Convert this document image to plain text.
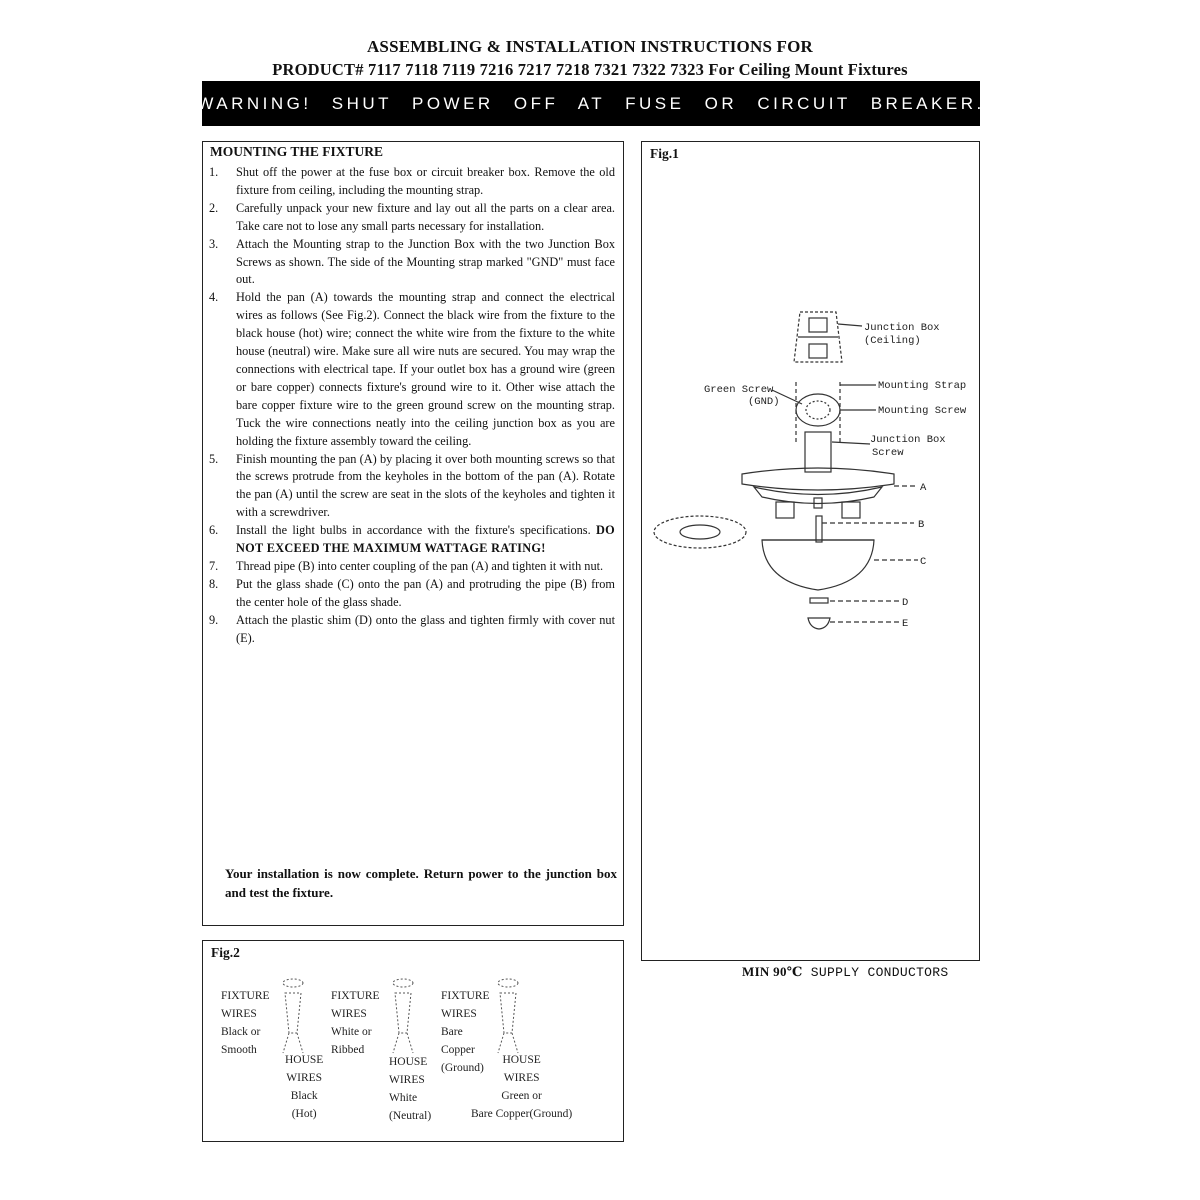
ASSEMBLING & INSTALLATION INSTRUCTIONS FOR
PRODUCT# 7117 7118 7119 7216 7217 7218 7321 7322 7323 For Ceiling Mount Fixtures
WARNING! SHUT POWER OFF AT FUSE OR CIRCUIT BREAKER.
MOUNTING THE FIXTURE
1. Shut off the power at the fuse box or circuit breaker box. Remove the old fixture from ceiling, including the mounting strap.
2. Carefully unpack your new fixture and lay out all the parts on a clear area. Take care not to lose any small parts necessary for installation.
3. Attach the Mounting strap to the Junction Box with the two Junction Box Screws as shown. The side of the Mounting strap marked "GND" must face out.
4. Hold the pan (A) towards the mounting strap and connect the electrical wires as follows (See Fig.2). Connect the black wire from the fixture to the black house (hot) wire; connect the white wire from the fixture to the white house (neutral) wire. Make sure all wire nuts are secured. You may wrap the connections with electrical tape. If your outlet box has a ground wire (green or bare copper) connects fixture's ground wire to it. Other wise attach the bare copper fixture wire to the green ground screw on the mounting strap. Tuck the wire connections neatly into the ceiling junction box as you are holding the fixture assembly toward the ceiling.
5. Finish mounting the pan (A) by placing it over both mounting screws so that the screws protrude from the keyholes in the bottom of the pan (A). Rotate the pan (A) until the screw are seat in the slots of the keyholes and tighten it with a screwdriver.
6. Install the light bulbs in accordance with the fixture's specifications. DO NOT EXCEED THE MAXIMUM WATTAGE RATING!
7. Thread pipe (B) into center coupling of the pan (A) and tighten it with nut.
8. Put the glass shade (C) onto the pan (A) and protruding the pipe (B) from the center hole of the glass shade.
9. Attach the plastic shim (D) onto the glass and tighten firmly with cover nut (E).
Your installation is now complete. Return power to the junction box and test the fixture.
Fig.1
Junction Box
(Ceiling)
Green Screw
(GND)
Mounting Strap
Mounting Screw
Junction Box
Screw
A
B
C
D
E
MIN 90℃ SUPPLY CONDUCTORS
Fig.2
FIXTURE
WIRES
Black or
Smooth
HOUSE
WIRES
Black
(Hot)
FIXTURE
WIRES
White or
Ribbed
HOUSE
WIRES
White
(Neutral)
FIXTURE
WIRES
Bare
Copper
(Ground)
HOUSE
WIRES
Green or
Bare Copper(Ground)
